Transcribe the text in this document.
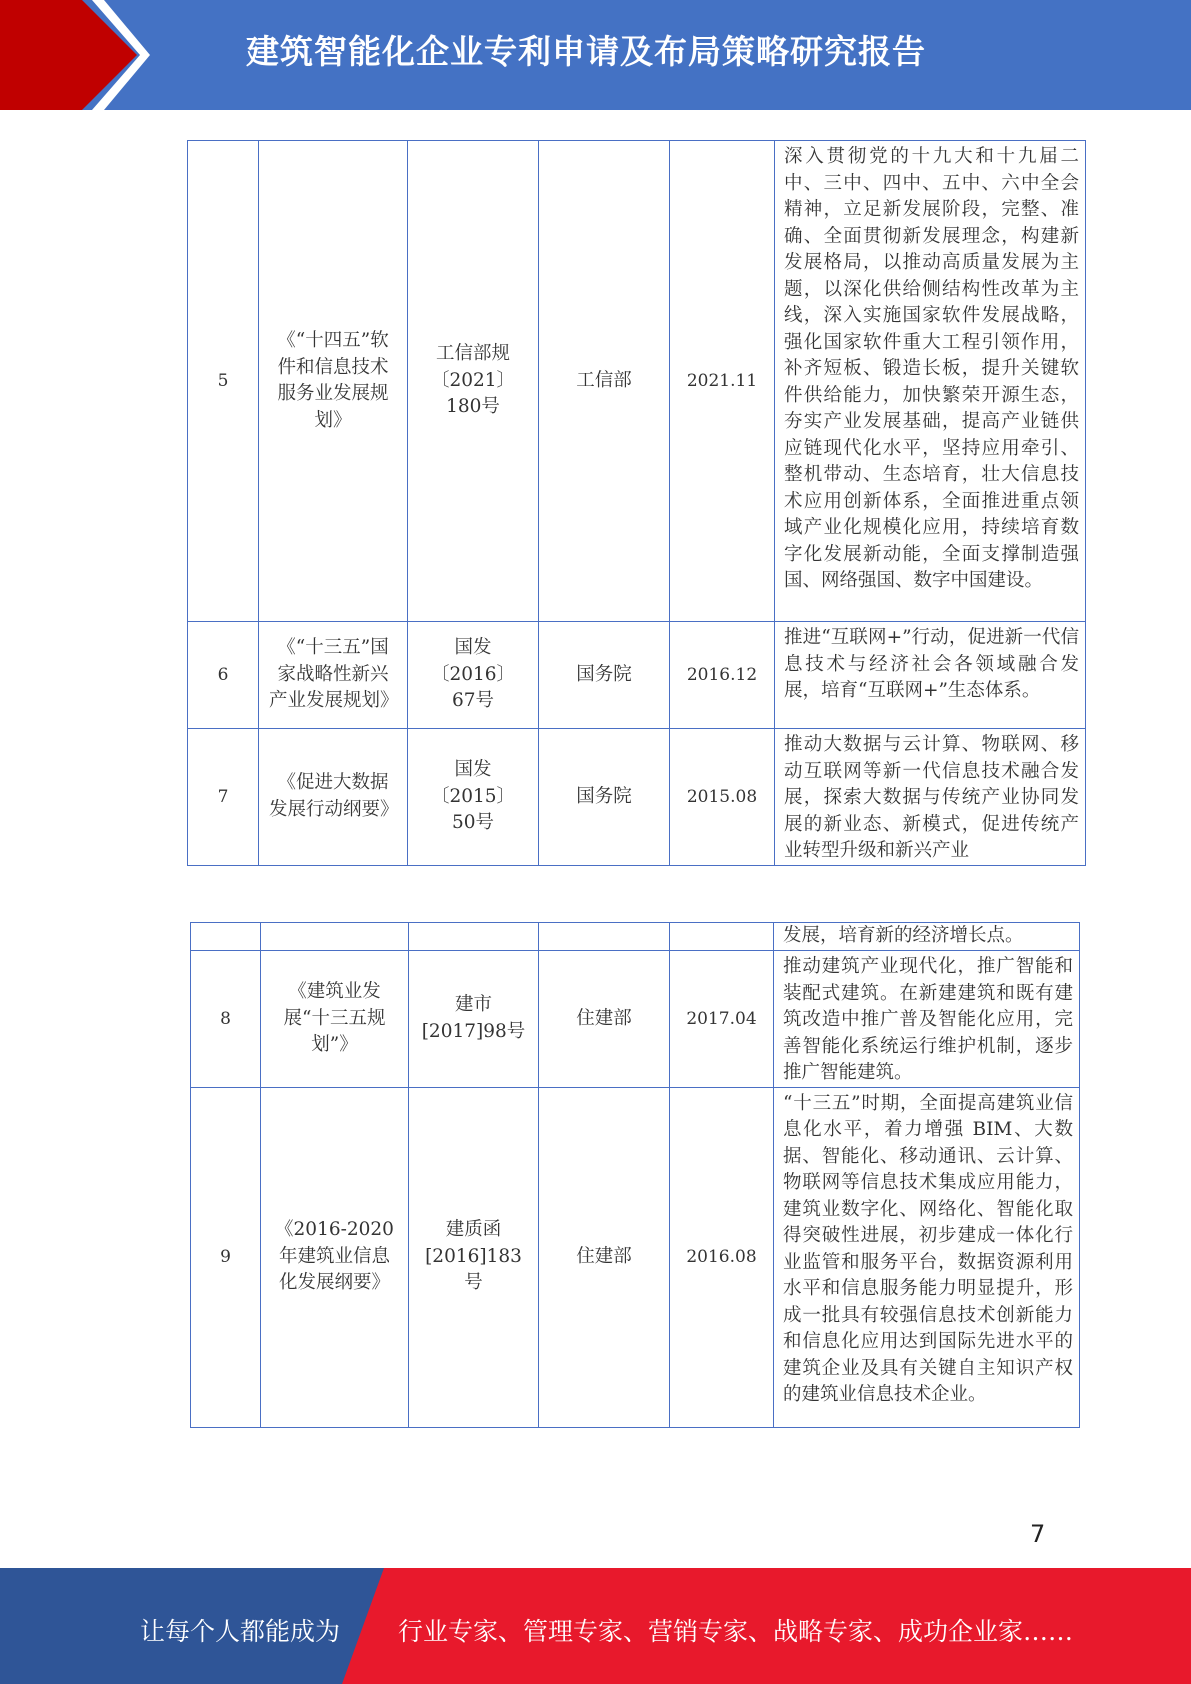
建筑智能化企业专利申请及布局策略研究报告
5	《“十四五”软件和信息技术服务业发展规划》	工信部规〔2021〕180号	工信部	2021.11	深入贯彻党的十九大和十九届二中、三中、四中、五中、六中全会精神，立足新发展阶段，完整、准确、全面贯彻新发展理念，构建新发展格局，以推动高质量发展为主题，以深化供给侧结构性改革为主线，深入实施国家软件发展战略，强化国家软件重大工程引领作用，补齐短板、锻造长板，提升关键软件供给能力，加快繁荣开源生态，夯实产业发展基础，提高产业链供应链现代化水平，坚持应用牵引、整机带动、生态培育，壮大信息技术应用创新体系，全面推进重点领域产业化规模化应用，持续培育数字化发展新动能，全面支撑制造强国、网络强国、数字中国建设。
6	《“十三五”国家战略性新兴产业发展规划》	国发〔2016〕67号	国务院	2016.12	推进“互联网+”行动，促进新一代信息技术与经济社会各领域融合发展，培育“互联网+”生态体系。
7	《促进大数据发展行动纲要》	国发〔2015〕50号	国务院	2015.08	推动大数据与云计算、物联网、移动互联网等新一代信息技术融合发展，探索大数据与传统产业协同发展的新业态、新模式，促进传统产业转型升级和新兴产业
					发展，培育新的经济增长点。
8	《建筑业发展“十三五规划”》	建市[2017]98号	住建部	2017.04	推动建筑产业现代化，推广智能和装配式建筑。在新建建筑和既有建筑改造中推广普及智能化应用，完善智能化系统运行维护机制，逐步推广智能建筑。
9	《2016-2020年建筑业信息化发展纲要》	建质函[2016]183号	住建部	2016.08	“十三五”时期，全面提高建筑业信息化水平，着力增强 BIM、大数据、智能化、移动通讯、云计算、物联网等信息技术集成应用能力，建筑业数字化、网络化、智能化取得突破性进展，初步建成一体化行业监管和服务平台，数据资源利用水平和信息服务能力明显提升，形成一批具有较强信息技术创新能力和信息化应用达到国际先进水平的建筑企业及具有关键自主知识产权的建筑业信息技术企业。
7
让每个人都能成为 行业专家、管理专家、营销专家、战略专家、成功企业家……
